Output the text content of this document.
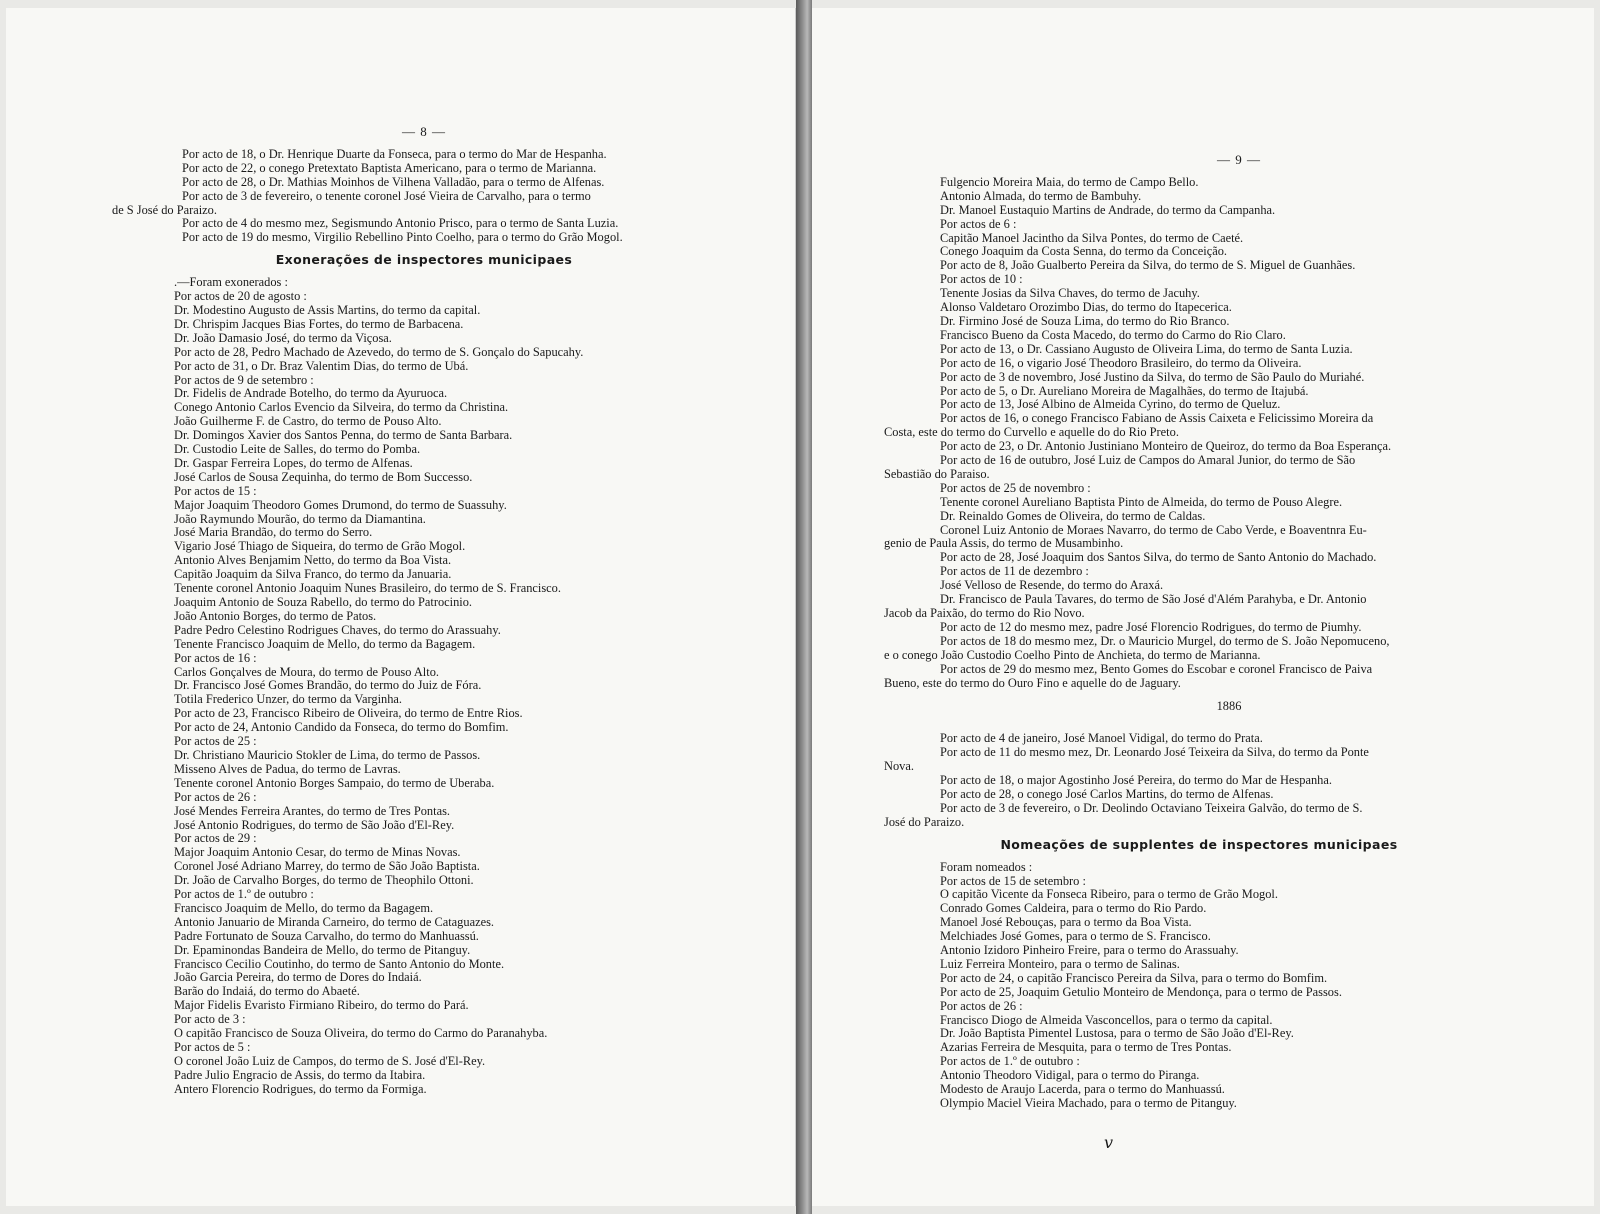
— 8 —
Por acto de 18, o Dr. Henrique Duarte da Fonseca, para o termo do Mar de Hespanha.
Por acto de 22, o conego Pretextato Baptista Americano, para o termo de Marianna.
Por acto de 28, o Dr. Mathias Moinhos de Vilhena Valladão, para o termo de Alfenas.
Por acto de 3 de fevereiro, o tenente coronel José Vieira de Carvalho, para o termo
de S José do Paraizo.
Por acto de 4 do mesmo mez, Segismundo Antonio Prisco, para o termo de Santa Luzia.
Por acto de 19 do mesmo, Virgilio Rebellino Pinto Coelho, para o termo do Grão Mogol.
Exonerações de inspectores municipaes
.—Foram exonerados :
Por actos de 20 de agosto :
Dr. Modestino Augusto de Assis Martins, do termo da capital.
Dr. Chrispim Jacques Bias Fortes, do termo de Barbacena.
Dr. João Damasio José, do termo da Viçosa.
Por acto de 28, Pedro Machado de Azevedo, do termo de S. Gonçalo do Sapucahy.
Por acto de 31, o Dr. Braz Valentim Dias, do termo de Ubá.
Por actos de 9 de setembro :
Dr. Fidelis de Andrade Botelho, do termo da Ayuruoca.
Conego Antonio Carlos Evencio da Silveira, do termo da Christina.
João Guilherme F. de Castro, do termo de Pouso Alto.
Dr. Domingos Xavier dos Santos Penna, do termo de Santa Barbara.
Dr. Custodio Leite de Salles, do termo do Pomba.
Dr. Gaspar Ferreira Lopes, do termo de Alfenas.
José Carlos de Sousa Zequinha, do termo de Bom Successo.
Por actos de 15 :
Major Joaquim Theodoro Gomes Drumond, do termo de Suassuhy.
João Raymundo Mourão, do termo da Diamantina.
José Maria Brandão, do termo do Serro.
Vigario José Thiago de Siqueira, do termo de Grão Mogol.
Antonio Alves Benjamim Netto, do termo da Boa Vista.
Capitão Joaquim da Silva Franco, do termo da Januaria.
Tenente coronel Antonio Joaquim Nunes Brasileiro, do termo de S. Francisco.
Joaquim Antonio de Souza Rabello, do termo do Patrocinio.
João Antonio Borges, do termo de Patos.
Padre Pedro Celestino Rodrigues Chaves, do termo do Arassuahy.
Tenente Francisco Joaquim de Mello, do termo da Bagagem.
Por actos de 16 :
Carlos Gonçalves de Moura, do termo de Pouso Alto.
Dr. Francisco José Gomes Brandão, do termo do Juiz de Fóra.
Totila Frederico Unzer, do termo da Varginha.
Por acto de 23, Francisco Ribeiro de Oliveira, do termo de Entre Rios.
Por acto de 24, Antonio Candido da Fonseca, do termo do Bomfim.
Por actos de 25 :
Dr. Christiano Mauricio Stokler de Lima, do termo de Passos.
Misseno Alves de Padua, do termo de Lavras.
Tenente coronel Antonio Borges Sampaio, do termo de Uberaba.
Por actos de 26 :
José Mendes Ferreira Arantes, do termo de Tres Pontas.
José Antonio Rodrigues, do termo de São João d'El-Rey.
Por actos de 29 :
Major Joaquim Antonio Cesar, do termo de Minas Novas.
Coronel José Adriano Marrey, do termo de São João Baptista.
Dr. João de Carvalho Borges, do termo de Theophilo Ottoni.
Por actos de 1.º de outubro :
Francisco Joaquim de Mello, do termo da Bagagem.
Antonio Januario de Miranda Carneiro, do termo de Cataguazes.
Padre Fortunato de Souza Carvalho, do termo do Manhuassú.
Dr. Epaminondas Bandeira de Mello, do termo de Pitanguy.
Francisco Cecilio Coutinho, do termo de Santo Antonio do Monte.
João Garcia Pereira, do termo de Dores do Indaiá.
Barão do Indaiá, do termo do Abaeté.
Major Fidelis Evaristo Firmiano Ribeiro, do termo do Pará.
Por acto de 3 :
O capitão Francisco de Souza Oliveira, do termo do Carmo do Paranahyba.
Por actos de 5 :
O coronel João Luiz de Campos, do termo de S. José d'El-Rey.
Padre Julio Engracio de Assis, do termo da Itabira.
Antero Florencio Rodrigues, do termo da Formiga.
— 9 —
Fulgencio Moreira Maia, do termo de Campo Bello.
Antonio Almada, do termo de Bambuhy.
Dr. Manoel Eustaquio Martins de Andrade, do termo da Campanha.
Por actos de 6 :
Capitão Manoel Jacintho da Silva Pontes, do termo de Caeté.
Conego Joaquim da Costa Senna, do termo da Conceição.
Por acto de 8, João Gualberto Pereira da Silva, do termo de S. Miguel de Guanhães.
Por actos de 10 :
Tenente Josias da Silva Chaves, do termo de Jacuhy.
Alonso Valdetaro Orozimbo Dias, do termo do Itapecerica.
Dr. Firmino José de Souza Lima, do termo do Rio Branco.
Francisco Bueno da Costa Macedo, do termo do Carmo do Rio Claro.
Por acto de 13, o Dr. Cassiano Augusto de Oliveira Lima, do termo de Santa Luzia.
Por acto de 16, o vigario José Theodoro Brasileiro, do termo da Oliveira.
Por acto de 3 de novembro, José Justino da Silva, do termo de São Paulo do Muriahé.
Por acto de 5, o Dr. Aureliano Moreira de Magalhães, do termo de Itajubá.
Por acto de 13, José Albino de Almeida Cyrino, do termo de Queluz.
Por actos de 16, o conego Francisco Fabiano de Assis Caixeta e Felicissimo Moreira da
Costa, este do termo do Curvello e aquelle do do Rio Preto.
Por acto de 23, o Dr. Antonio Justiniano Monteiro de Queiroz, do termo da Boa Esperança.
Por acto de 16 de outubro, José Luiz de Campos do Amaral Junior, do termo de São
Sebastião do Paraiso.
Por actos de 25 de novembro :
Tenente coronel Aureliano Baptista Pinto de Almeida, do termo de Pouso Alegre.
Dr. Reinaldo Gomes de Oliveira, do termo de Caldas.
Coronel Luiz Antonio de Moraes Navarro, do termo de Cabo Verde, e Boaventnra Eu-
genio de Paula Assis, do termo de Musambinho.
Por acto de 28, José Joaquim dos Santos Silva, do termo de Santo Antonio do Machado.
Por actos de 11 de dezembro :
José Velloso de Resende, do termo do Araxá.
Dr. Francisco de Paula Tavares, do termo de São José d'Além Parahyba, e Dr. Antonio
Jacob da Paixão, do termo do Rio Novo.
Por acto de 12 do mesmo mez, padre José Florencio Rodrigues, do termo de Piumhy.
Por actos de 18 do mesmo mez, Dr. o Mauricio Murgel, do termo de S. João Nepomuceno,
e o conego João Custodio Coelho Pinto de Anchieta, do termo de Marianna.
Por actos de 29 do mesmo mez, Bento Gomes do Escobar e coronel Francisco de Paiva
Bueno, este do termo do Ouro Fino e aquelle do de Jaguary.
1886
Por acto de 4 de janeiro, José Manoel Vidigal, do termo do Prata.
Por acto de 11 do mesmo mez, Dr. Leonardo José Teixeira da Silva, do termo da Ponte
Nova.
Por acto de 18, o major Agostinho José Pereira, do termo do Mar de Hespanha.
Por acto de 28, o conego José Carlos Martins, do termo de Alfenas.
Por acto de 3 de fevereiro, o Dr. Deolindo Octaviano Teixeira Galvão, do termo de S.
José do Paraizo.
Nomeações de supplentes de inspectores municipaes
Foram nomeados :
Por actos de 15 de setembro :
O capitão Vicente da Fonseca Ribeiro, para o termo de Grão Mogol.
Conrado Gomes Caldeira, para o termo do Rio Pardo.
Manoel José Rebouças, para o termo da Boa Vista.
Melchiades José Gomes, para o termo de S. Francisco.
Antonio Izidoro Pinheiro Freire, para o termo do Arassuahy.
Luiz Ferreira Monteiro, para o termo de Salinas.
Por acto de 24, o capitão Francisco Pereira da Silva, para o termo do Bomfim.
Por acto de 25, Joaquim Getulio Monteiro de Mendonça, para o termo de Passos.
Por actos de 26 :
Francisco Diogo de Almeida Vasconcellos, para o termo da capital.
Dr. João Baptista Pimentel Lustosa, para o termo de São João d'El-Rey.
Azarias Ferreira de Mesquita, para o termo de Tres Pontas.
Por actos de 1.º de outubro :
Antonio Theodoro Vidigal, para o termo do Piranga.
Modesto de Araujo Lacerda, para o termo do Manhuassú.
Olympio Maciel Vieira Machado, para o termo de Pitanguy.
v
